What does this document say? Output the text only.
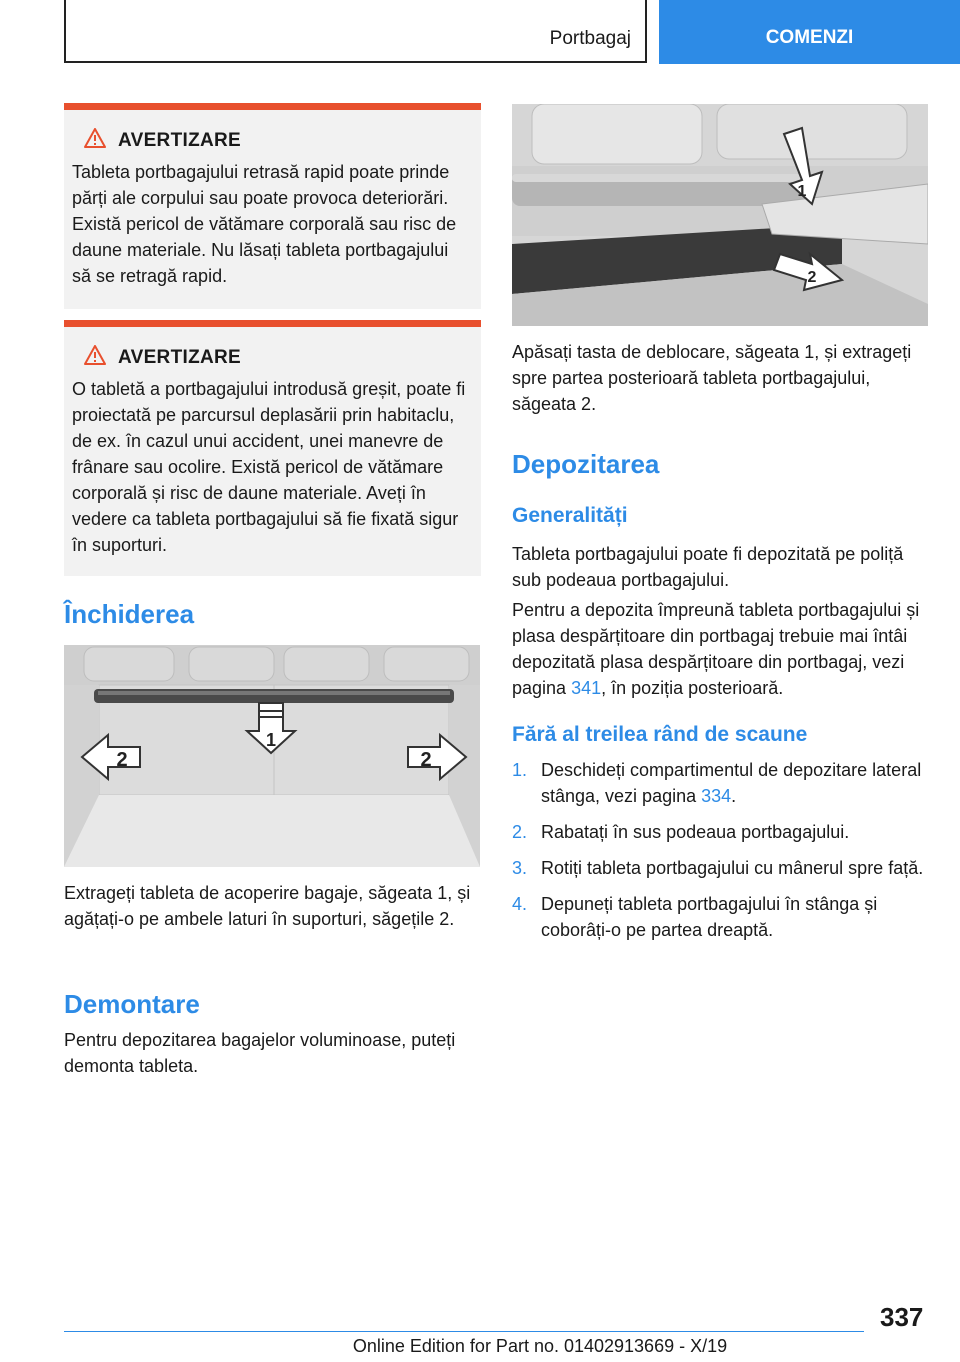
Portbagaj	COMENZI
AVERTIZARE
Tableta portbagajului retrasă rapid poate prinde părți ale corpului sau poate provoca deteriorări. Există pericol de vătămare corporală sau risc de daune materiale. Nu lăsați tableta portbagajului să se retragă rapid.
AVERTIZARE
O tabletă a portbagajului introdusă greșit, poate fi proiectată pe parcursul deplasării prin habitaclu, de ex. în cazul unui accident, unei manevre de frânare sau ocolire. Există pericol de vătămare corporală și risc de daune materiale. Aveți în vedere ca tableta portbagajului să fie fixată sigur în suporturi.
Închiderea
1
2	2
Extrageți tableta de acoperire bagaje, săgeata 1, și agățați-o pe ambele laturi în suporturi, săgețile 2.
Demontare
Pentru depozitarea bagajelor voluminoase, puteți demonta tableta.
1
2
Apăsați tasta de deblocare, săgeata 1, și extrageți spre partea posterioară tableta portbagajului, săgeata 2.
Depozitarea
Generalități
Tableta portbagajului poate fi depozitată pe poliță sub podeaua portbagajului.
Pentru a depozita împreună tableta portbagajului și plasa despărțitoare din portbagaj trebuie mai întâi depozitată plasa despărțitoare din portbagaj, vezi pagina 341, în poziția posterioară.
Fără al treilea rând de scaune
1. Deschideți compartimentul de depozitare lateral stânga, vezi pagina 334.
2. Rabatați în sus podeaua portbagajului.
3. Rotiți tableta portbagajului cu mânerul spre față.
4. Depuneți tableta portbagajului în stânga și coborâți-o pe partea dreaptă.
337
Online Edition for Part no. 01402913669 - X/19
